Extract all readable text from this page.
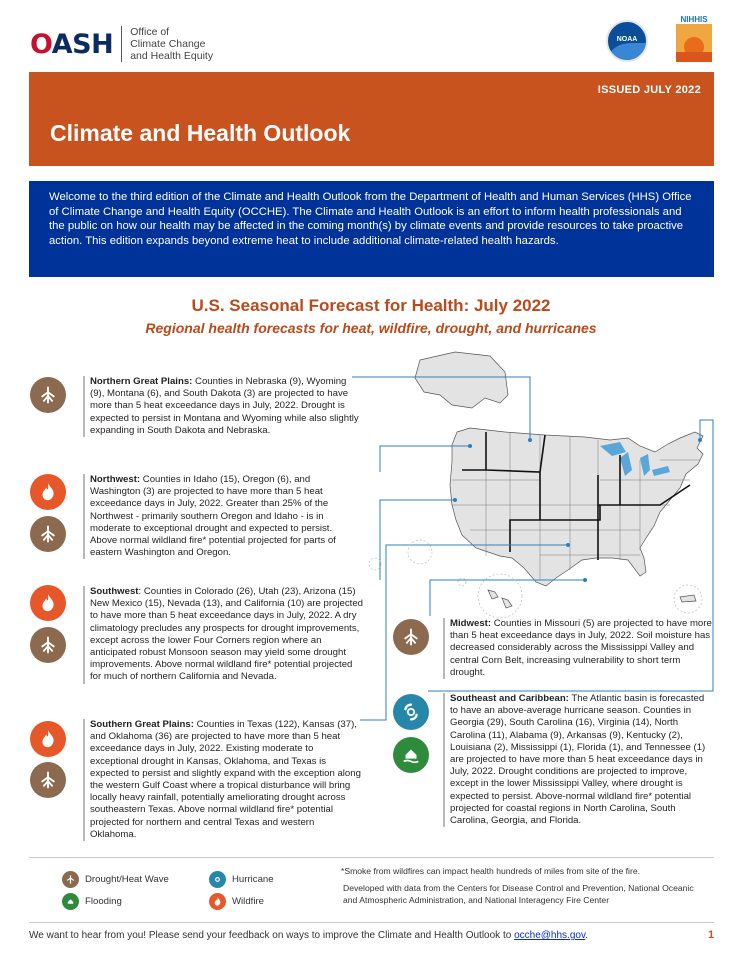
OASH Office of
Climate Change
and Health Equity
NOAA
NIHHIS
ISSUED JULY 2022
Climate and Health Outlook
Welcome to the third edition of the Climate and Health Outlook from the Department of Health and Human Services (HHS) Office of Climate Change and Health Equity (OCCHE). The Climate and Health Outlook is an effort to inform health professionals and the public on how our health may be affected in the coming month(s) by climate events and provide resources to take proactive action. This edition expands beyond extreme heat to include additional climate-related health hazards.
U.S. Seasonal Forecast for Health: July 2022
Regional health forecasts for heat, wildfire, drought, and hurricanes
Northern Great Plains: Counties in Nebraska (9), Wyoming (9), Montana (6), and South Dakota (3) are projected to have more than 5 heat exceedance days in July, 2022. Drought is expected to persist in Montana and Wyoming while also slightly expanding in South Dakota and Nebraska.
Northwest: Counties in Idaho (15), Oregon (6), and Washington (3) are projected to have more than 5 heat exceedance days in July, 2022. Greater than 25% of the Northwest - primarily southern Oregon and Idaho - is in moderate to exceptional drought and expected to persist. Above normal wildland fire* potential projected for parts of eastern Washington and Oregon.
Southwest: Counties in Colorado (26), Utah (23), Arizona (15) New Mexico (15), Nevada (13), and California (10) are projected to have more than 5 heat exceedance days in July, 2022. A dry climatology precludes any prospects for drought improvements, except across the lower Four Corners region where an anticipated robust Monsoon season may yield some drought improvements. Above normal wildland fire* potential projected for much of northern California and Nevada.
Southern Great Plains: Counties in Texas (122), Kansas (37), and Oklahoma (36) are projected to have more than 5 heat exceedance days in July, 2022. Existing moderate to exceptional drought in Kansas, Oklahoma, and Texas is expected to persist and slightly expand with the exception along the western Gulf Coast where a tropical disturbance will bring locally heavy rainfall, potentially ameliorating drought across southeastern Texas. Above normal wildland fire* potential projected for northern and central Texas and western Oklahoma.
Midwest: Counties in Missouri (5) are projected to have more than 5 heat exceedance days in July, 2022. Soil moisture has decreased considerably across the Mississippi Valley and central Corn Belt, increasing vulnerability to short term drought.
Southeast and Caribbean: The Atlantic basin is forecasted to have an above-average hurricane season. Counties in Georgia (29), South Carolina (16), Virginia (14), North Carolina (11), Alabama (9), Arkansas (9), Kentucky (2), Louisiana (2), Mississippi (1), Florida (1), and Tennessee (1) are projected to have more than 5 heat exceedance days in July, 2022. Drought conditions are projected to improve, except in the lower Mississippi Valley, where drought is expected to persist. Above-normal wildland fire* potential projected for coastal regions in North Carolina, South Carolina, Georgia, and Florida.
Drought/Heat Wave	Hurricane
Flooding	Wildfire
*Smoke from wildfires can impact health hundreds of miles from site of the fire.
Developed with data from the Centers for Disease Control and Prevention, National Oceanic and Atmospheric Administration, and National Interagency Fire Center
We want to hear from you! Please send your feedback on ways to improve the Climate and Health Outlook to ocche@hhs.gov.	1
